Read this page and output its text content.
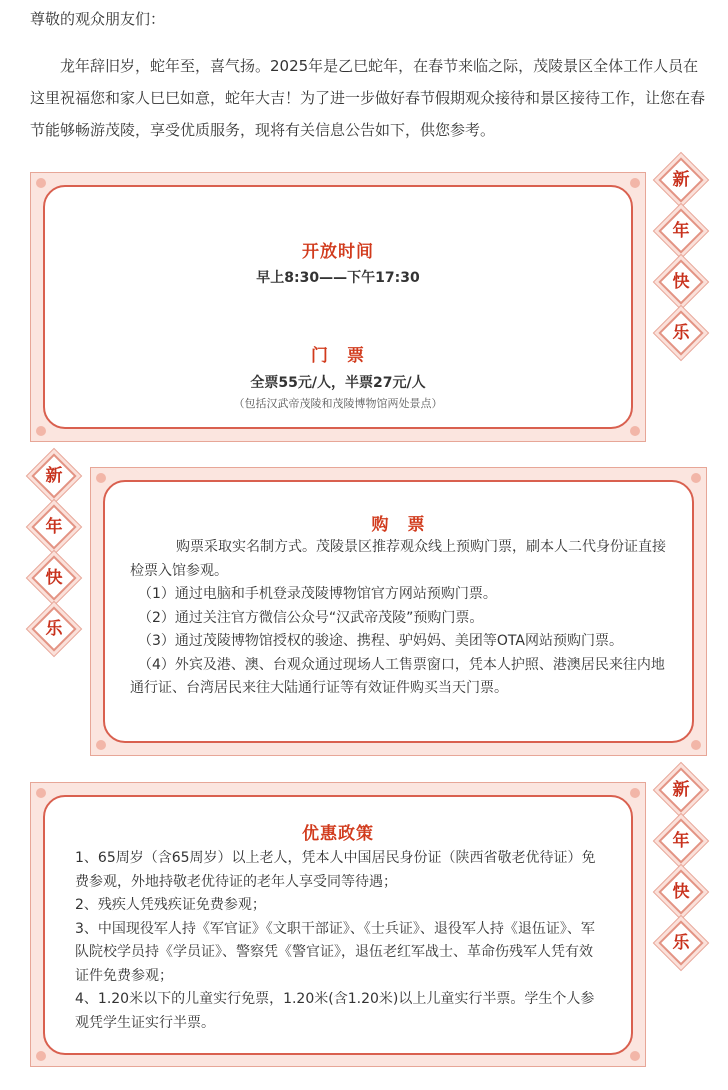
尊敬的观众朋友们：
龙年辞旧岁，蛇年至，喜气扬。2025年是乙巳蛇年，在春节来临之际，茂陵景区全体工作人员在这里祝福您和家人巳巳如意，蛇年大吉！为了进一步做好春节假期观众接待和景区接待工作，让您在春节能够畅游茂陵，享受优质服务，现将有关信息公告如下，供您参考。
开放时间
早上8:30——下午17:30
门　票
全票55元/人，半票27元/人
（包括汉武帝茂陵和茂陵博物馆两处景点）
新
年
快
乐
新
年
快
乐
购　票
购票采取实名制方式。茂陵景区推荐观众线上预购门票，刷本人二代身份证直接检票入馆参观。
（1）通过电脑和手机登录茂陵博物馆官方网站预购门票。
（2）通过关注官方微信公众号“汉武帝茂陵”预购门票。
（3）通过茂陵博物馆授权的骏途、携程、驴妈妈、美团等OTA网站预购门票。
（4）外宾及港、澳、台观众通过现场人工售票窗口，凭本人护照、港澳居民来往内地通行证、台湾居民来往大陆通行证等有效证件购买当天门票。
优惠政策
1、65周岁（含65周岁）以上老人，凭本人中国居民身份证（陕西省敬老优待证）免费参观，外地持敬老优待证的老年人享受同等待遇；
2、残疾人凭残疾证免费参观；
3、中国现役军人持《军官证》《文职干部证》、《士兵证》、退役军人持《退伍证》、军队院校学员持《学员证》、警察凭《警官证》，退伍老红军战士、革命伤残军人凭有效证件免费参观；
4、1.20米以下的儿童实行免票，1.20米(含1.20米)以上儿童实行半票。学生个人参观凭学生证实行半票。
新
年
快
乐
